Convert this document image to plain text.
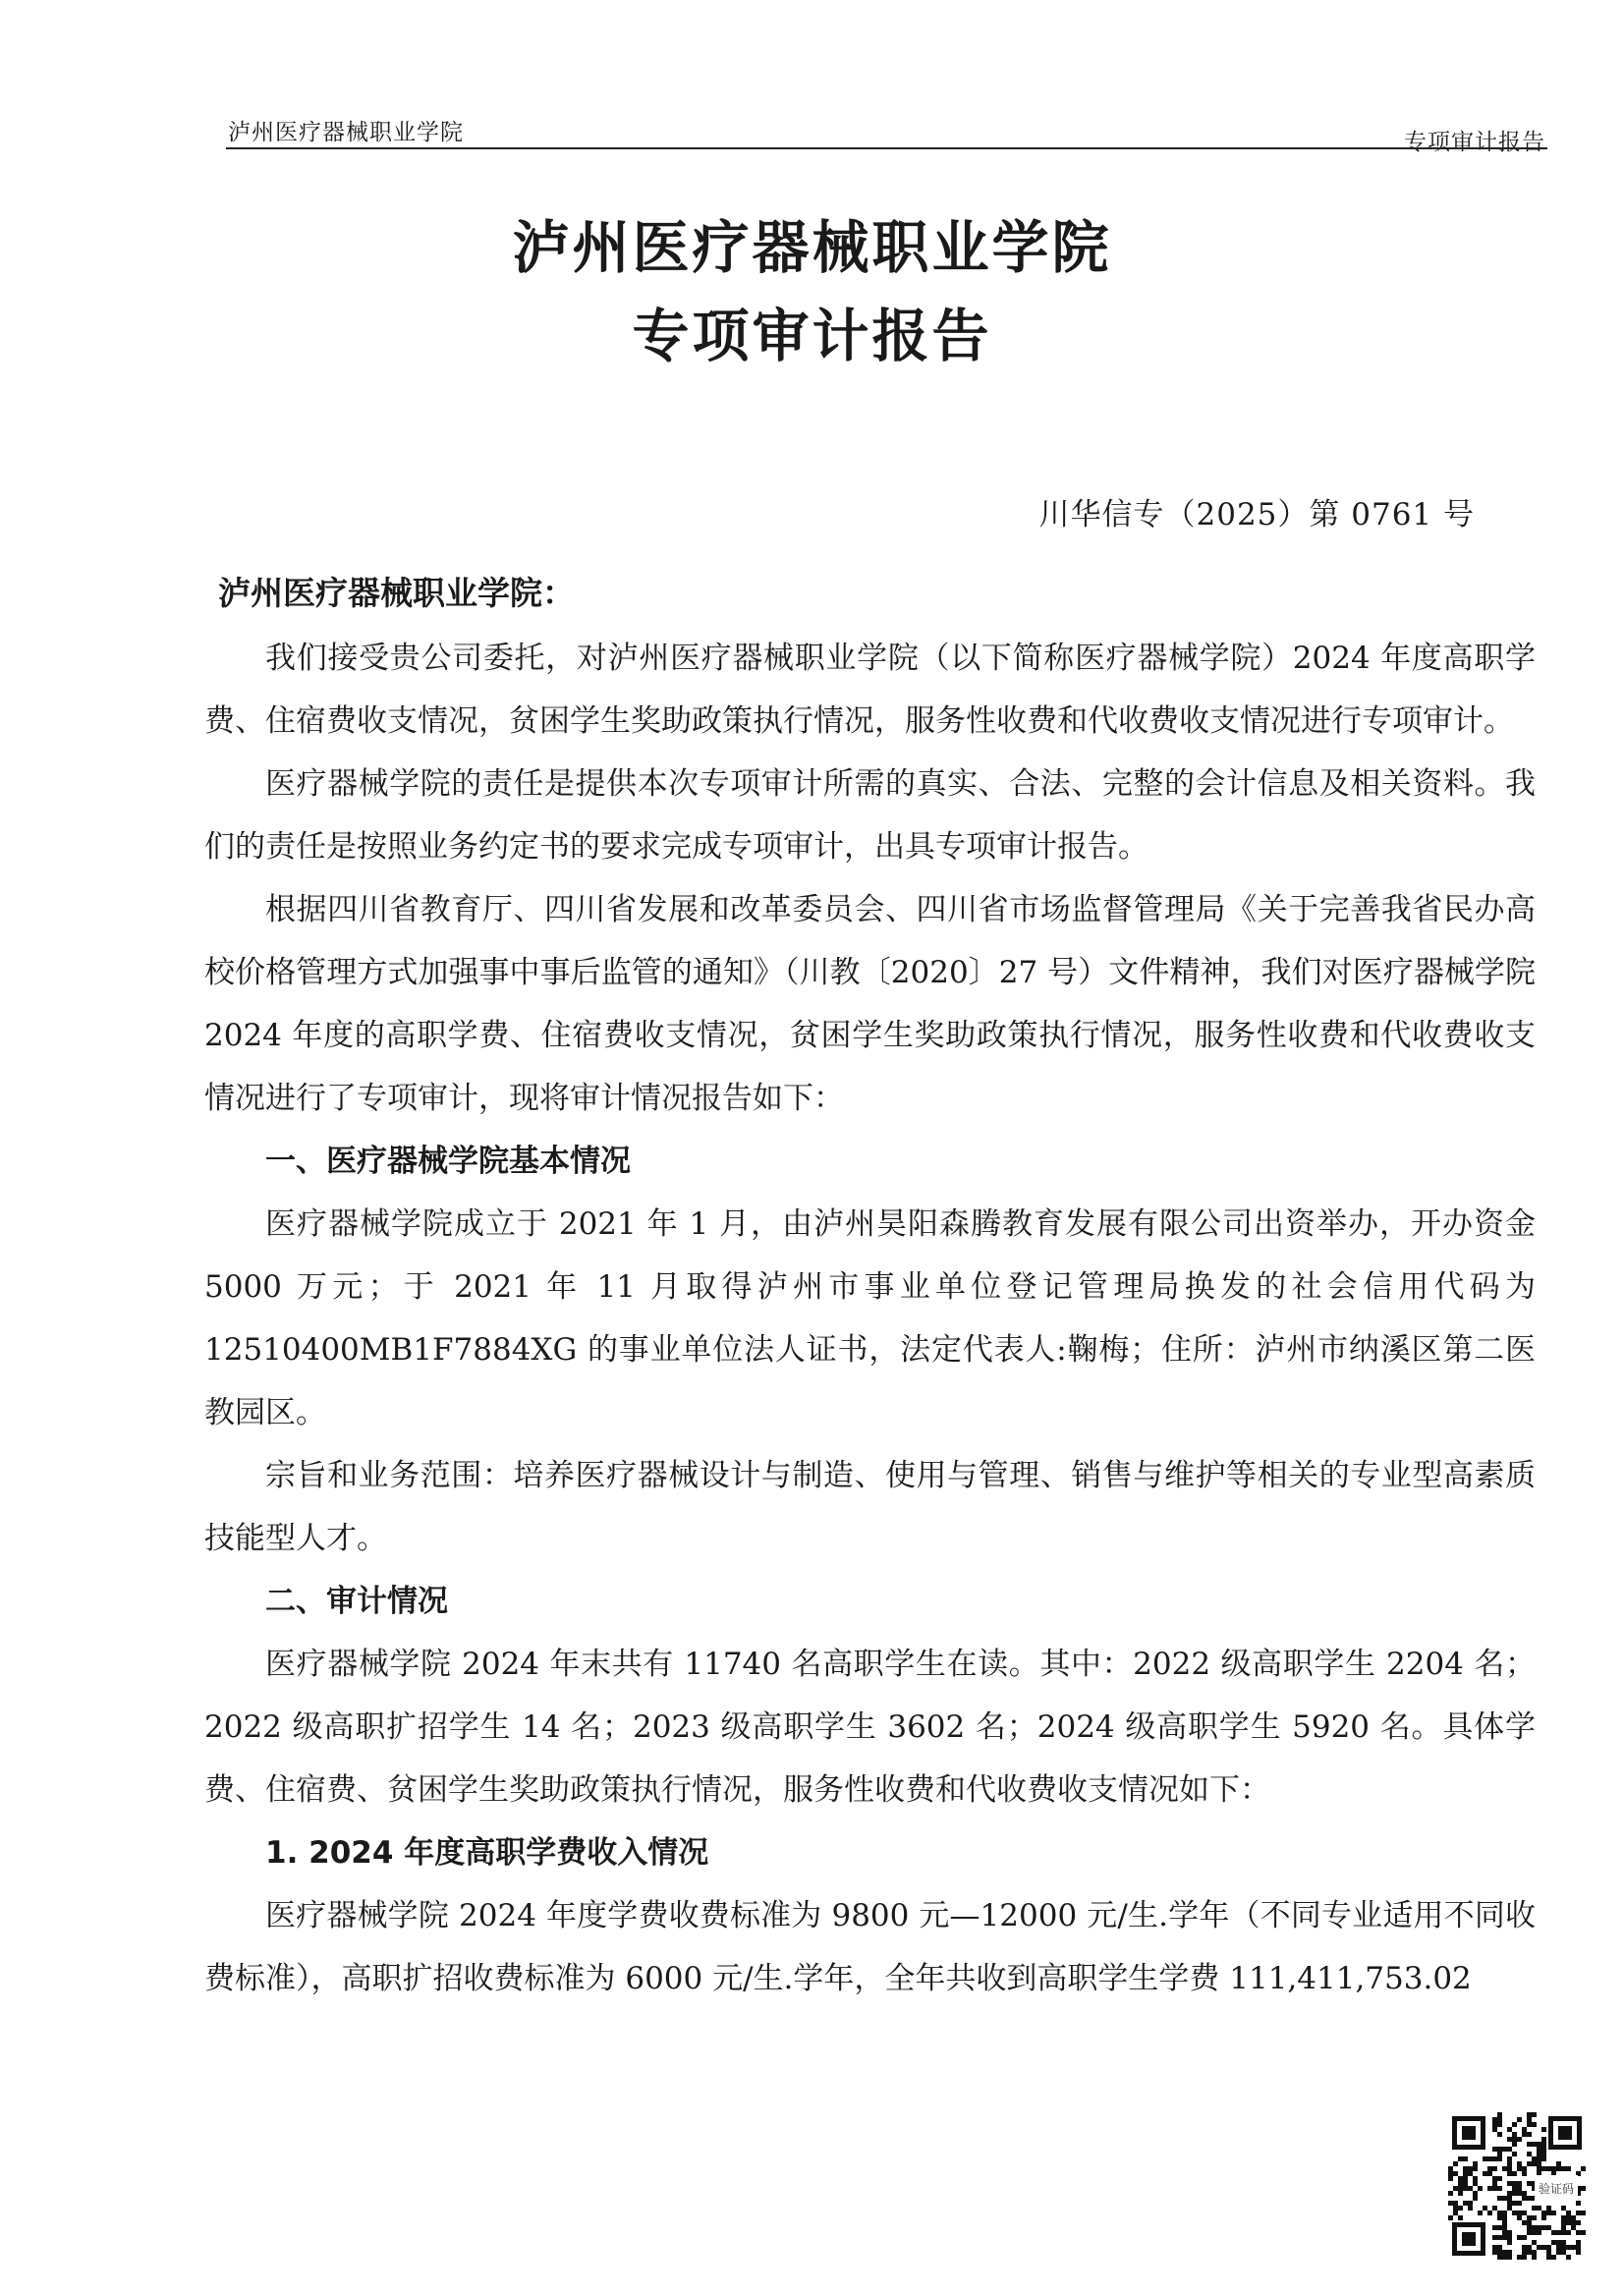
泸州医疗器械职业学院	专项审计报告
泸州医疗器械职业学院
专项审计报告
川华信专（2025）第 0761 号
泸州医疗器械职业学院：

我们接受贵公司委托，对泸州医疗器械职业学院（以下简称医疗器械学院）2024 年度高职学费、住宿费收支情况，贫困学生奖助政策执行情况，服务性收费和代收费收支情况进行专项审计。

医疗器械学院的责任是提供本次专项审计所需的真实、合法、完整的会计信息及相关资料。我们的责任是按照业务约定书的要求完成专项审计，出具专项审计报告。

根据四川省教育厅、四川省发展和改革委员会、四川省市场监督管理局《关于完善我省民办高校价格管理方式加强事中事后监管的通知》（川教〔2020〕27 号）文件精神，我们对医疗器械学院 2024 年度的高职学费、住宿费收支情况，贫困学生奖助政策执行情况，服务性收费和代收费收支情况进行了专项审计，现将审计情况报告如下：

一、医疗器械学院基本情况

医疗器械学院成立于 2021 年 1 月，由泸州昊阳森腾教育发展有限公司出资举办，开办资金 5000 万元；于 2021 年 11 月取得泸州市事业单位登记管理局换发的社会信用代码为 12510400MB1F7884XG 的事业单位法人证书，法定代表人:鞠梅；住所：泸州市纳溪区第二医教园区。

宗旨和业务范围：培养医疗器械设计与制造、使用与管理、销售与维护等相关的专业型高素质技能型人才。

二、审计情况

医疗器械学院 2024 年末共有 11740 名高职学生在读。其中：2022 级高职学生 2204 名；2022 级高职扩招学生 14 名；2023 级高职学生 3602 名；2024 级高职学生 5920 名。具体学费、住宿费、贫困学生奖助政策执行情况，服务性收费和代收费收支情况如下：

1. 2024 年度高职学费收入情况

医疗器械学院 2024 年度学费收费标准为 9800 元—12000 元/生.学年（不同专业适用不同收费标准），高职扩招收费标准为 6000 元/生.学年，全年共收到高职学生学费 111,411,753.02

验证码
